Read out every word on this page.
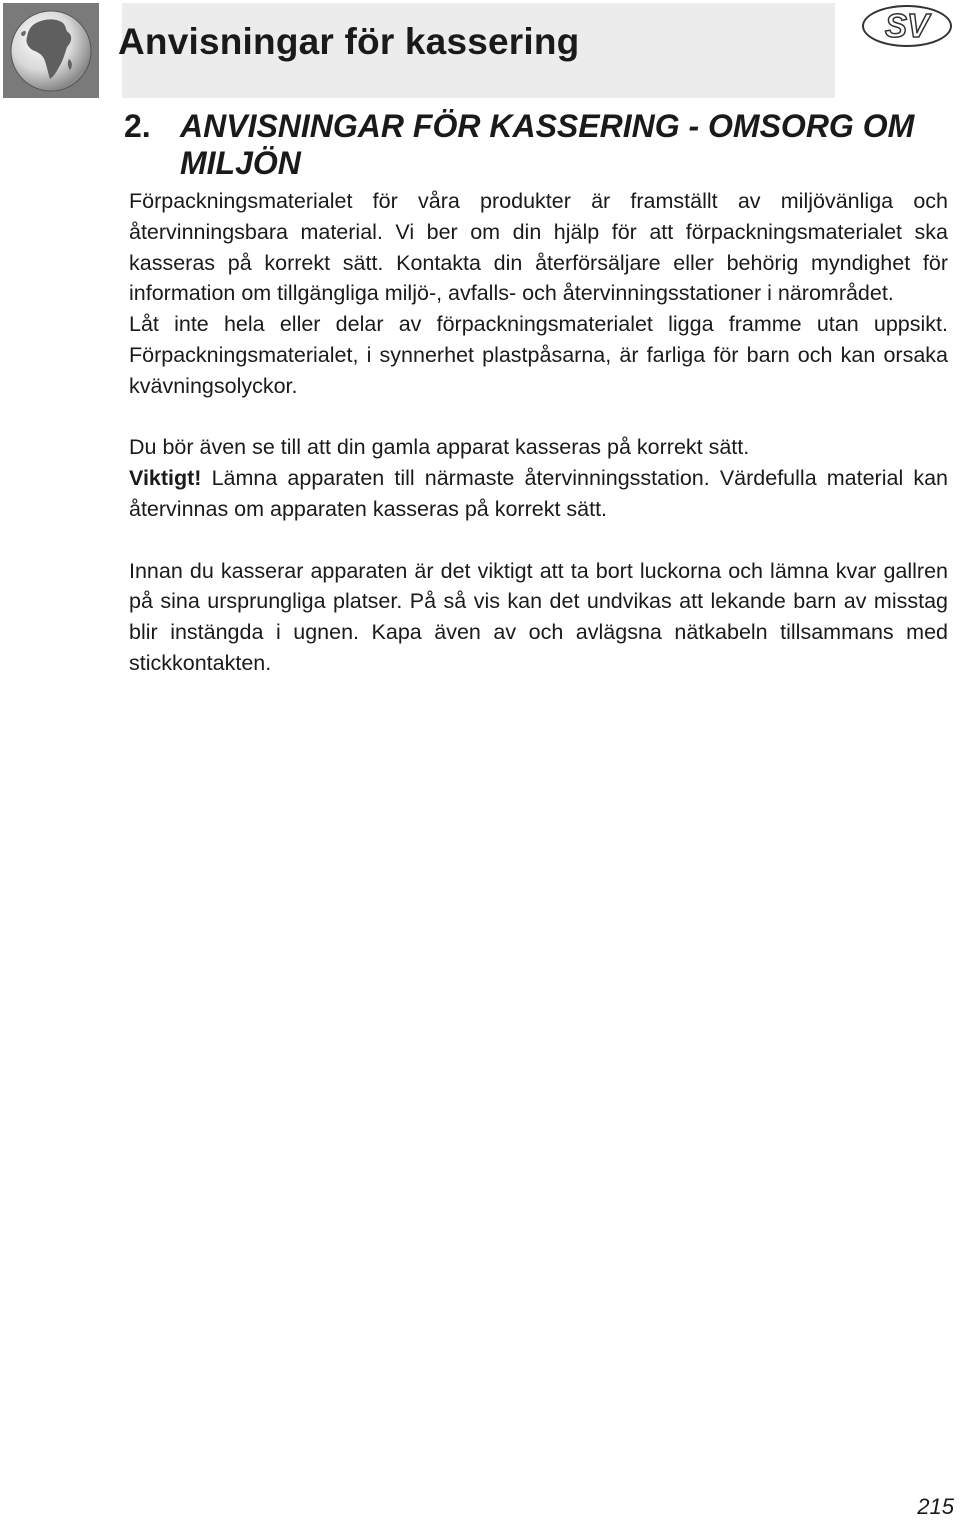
Anvisningar för kassering	SV
2. ANVISNINGAR FÖR KASSERING - OMSORG OM MILJÖN

Förpackningsmaterialet för våra produkter är framställt av miljövänliga och återvinningsbara material. Vi ber om din hjälp för att förpackningsmaterialet ska kasseras på korrekt sätt. Kontakta din återförsäljare eller behörig myndighet för information om tillgängliga miljö-, avfalls- och återvinningsstationer i närområdet.

Låt inte hela eller delar av förpackningsmaterialet ligga framme utan uppsikt. Förpackningsmaterialet, i synnerhet plastpåsarna, är farliga för barn och kan orsaka kvävningsolyckor.

Du bör även se till att din gamla apparat kasseras på korrekt sätt.

Viktigt! Lämna apparaten till närmaste återvinningsstation. Värdefulla material kan återvinnas om apparaten kasseras på korrekt sätt.

Innan du kasserar apparaten är det viktigt att ta bort luckorna och lämna kvar gallren på sina ursprungliga platser. På så vis kan det undvikas att lekande barn av misstag blir instängda i ugnen. Kapa även av och avlägsna nätkabeln tillsammans med stickkontakten.

215
